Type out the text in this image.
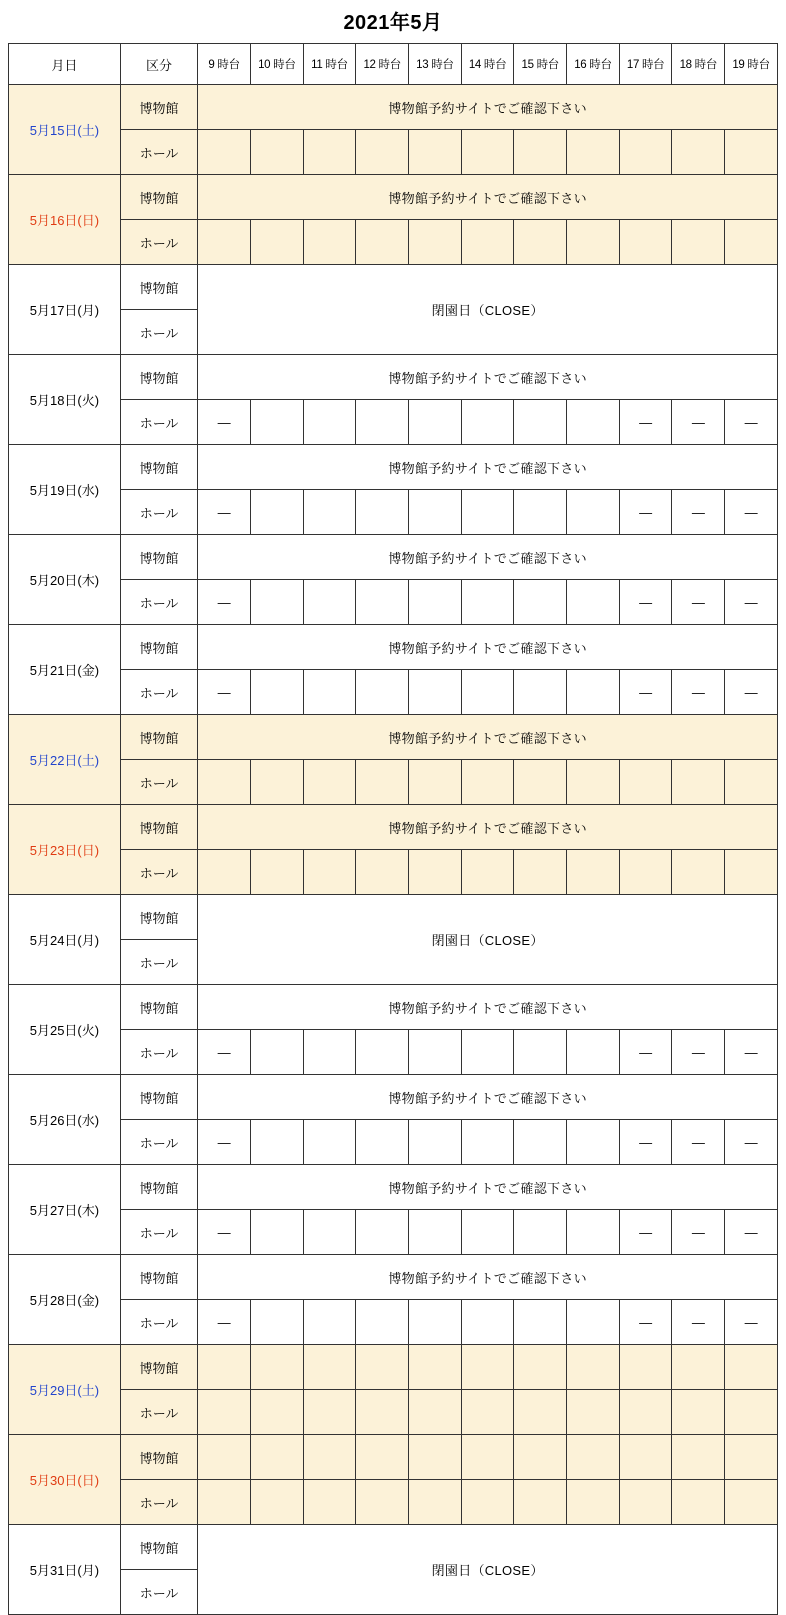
2021年5月
月日	区分	9 時台	10 時台	11 時台	12 時台	13 時台	14 時台	15 時台	16 時台	17 時台	18 時台	19 時台
5月15日(土)	博物館	博物館予約サイトでご確認下さい										
	ホール											
5月16日(日)	博物館	博物館予約サイトでご確認下さい										
	ホール											
5月17日(月)	博物館	閉園日（CLOSE）										
	ホール											
5月18日(火)	博物館	博物館予約サイトでご確認下さい										
	ホール	—								—	—	—
5月19日(水)	博物館	博物館予約サイトでご確認下さい										
	ホール	—								—	—	—
5月20日(木)	博物館	博物館予約サイトでご確認下さい										
	ホール	—								—	—	—
5月21日(金)	博物館	博物館予約サイトでご確認下さい										
	ホール	—								—	—	—
5月22日(土)	博物館	博物館予約サイトでご確認下さい										
	ホール											
5月23日(日)	博物館	博物館予約サイトでご確認下さい										
	ホール											
5月24日(月)	博物館	閉園日（CLOSE）										
	ホール											
5月25日(火)	博物館	博物館予約サイトでご確認下さい										
	ホール	—								—	—	—
5月26日(水)	博物館	博物館予約サイトでご確認下さい										
	ホール	—								—	—	—
5月27日(木)	博物館	博物館予約サイトでご確認下さい										
	ホール	—								—	—	—
5月28日(金)	博物館	博物館予約サイトでご確認下さい										
	ホール	—								—	—	—
5月29日(土)	博物館											
	ホール											
5月30日(日)	博物館											
	ホール											
5月31日(月)	博物館	閉園日（CLOSE）										
	ホール											
